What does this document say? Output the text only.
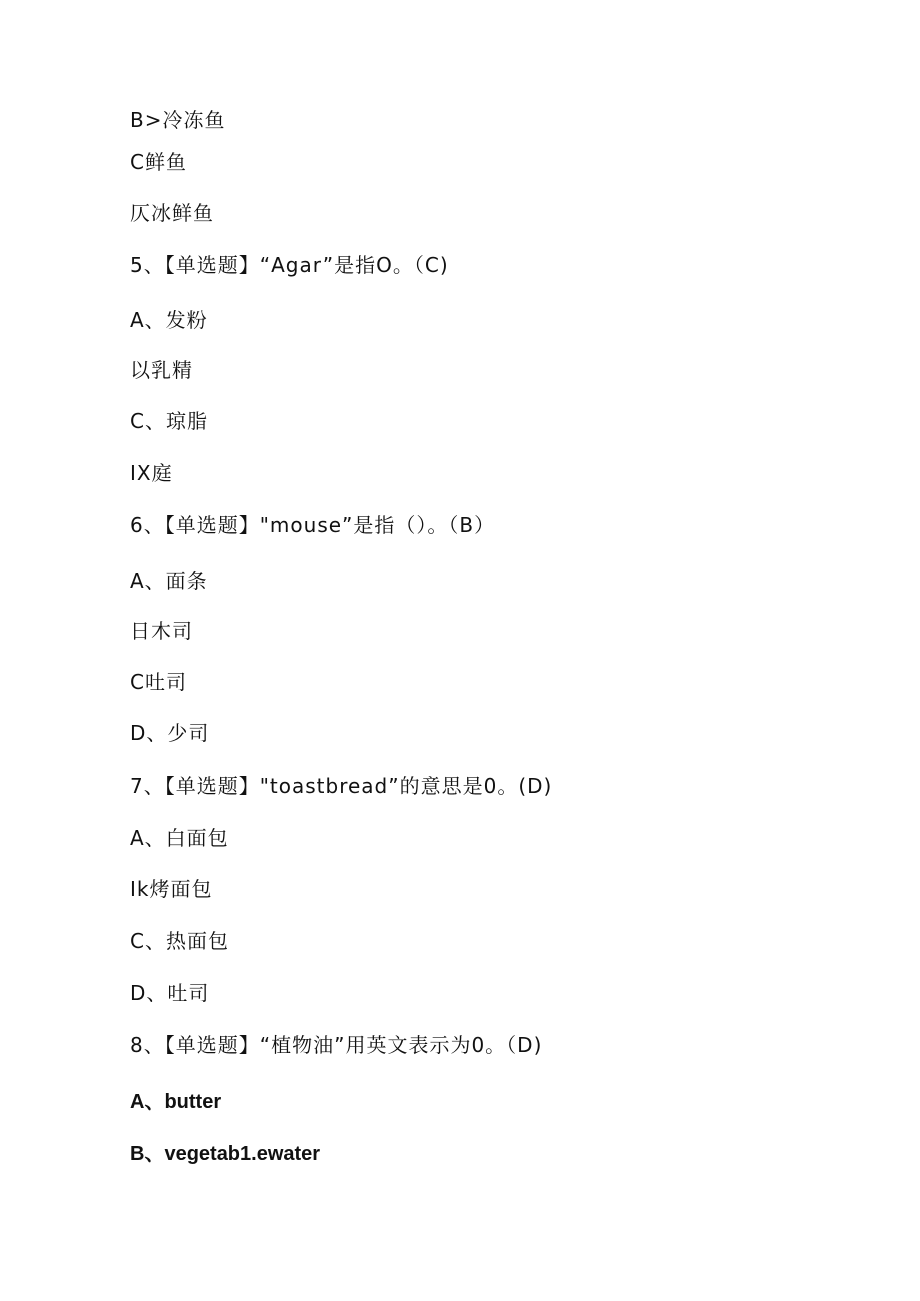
B>冷冻鱼
C鲜鱼
仄冰鲜鱼
5、【单选题】“Agar”是指O。（C)
A、发粉
以乳精
C、琼脂
IX庭
6、【单选题】"mouse”是指（）。（B）
A、面条
日木司
C吐司
D、少司
7、【单选题】"toastbread”的意思是0。(D)
A、白面包
Ik烤面包
C、热面包
D、吐司
8、【单选题】“植物油”用英文表示为0。（D)
A、butter
B、vegetab1.ewater
